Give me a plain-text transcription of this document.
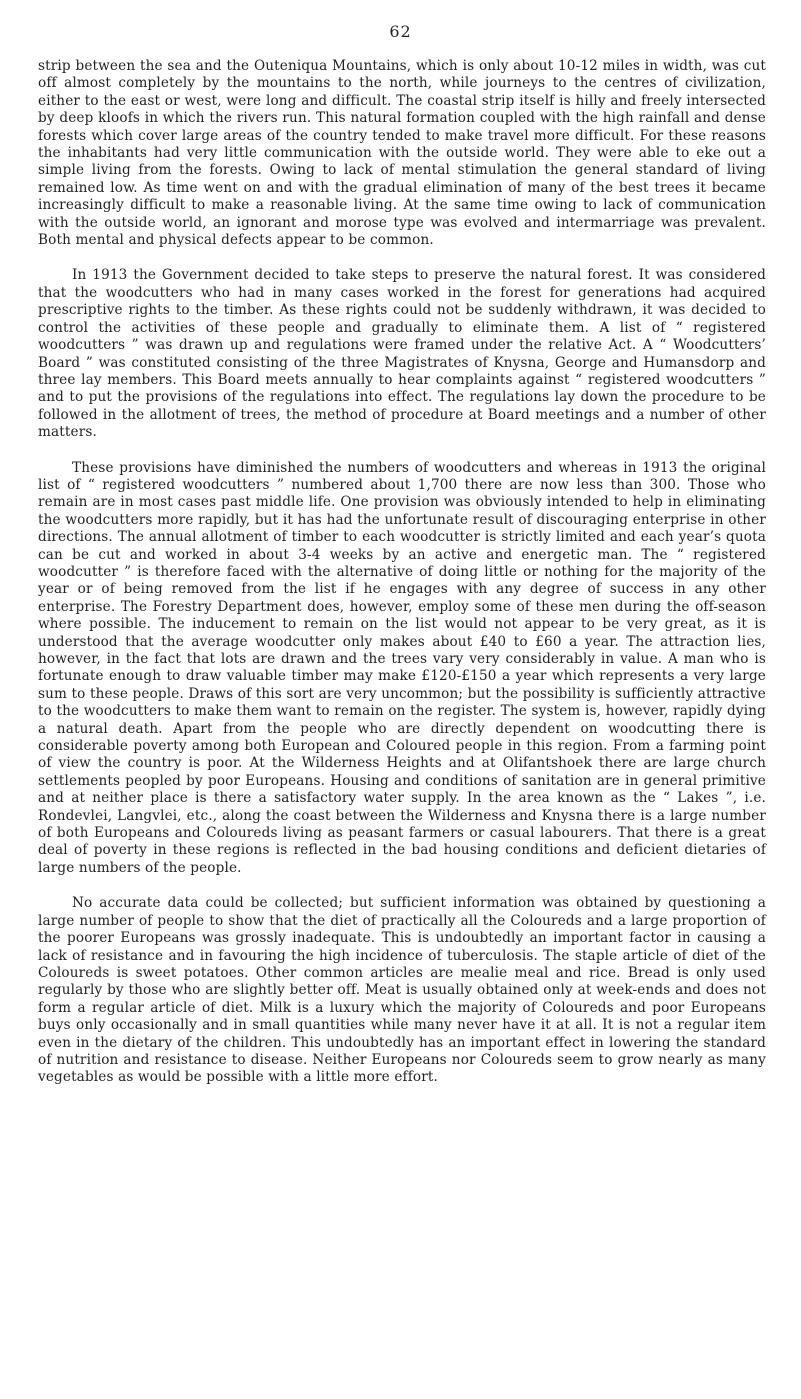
62

strip between the sea and the Outeniqua Mountains, which is only about 10-12 miles in width, was cut off almost completely by the mountains to the north, while journeys to the centres of civilization, either to the east or west, were long and difficult. The coastal strip itself is hilly and freely intersected by deep kloofs in which the rivers run. This natural formation coupled with the high rainfall and dense forests which cover large areas of the country tended to make travel more difficult. For these reasons the inhabitants had very little communication with the outside world. They were able to eke out a simple living from the forests. Owing to lack of mental stimulation the general standard of living remained low. As time went on and with the gradual elimination of many of the best trees it became increasingly difficult to make a reasonable living. At the same time owing to lack of communication with the outside world, an ignorant and morose type was evolved and intermarriage was prevalent. Both mental and physical defects appear to be common.

In 1913 the Government decided to take steps to preserve the natural forest. It was considered that the woodcutters who had in many cases worked in the forest for generations had acquired prescriptive rights to the timber. As these rights could not be suddenly withdrawn, it was decided to control the activities of these people and gradually to eliminate them. A list of “ registered woodcutters ” was drawn up and regulations were framed under the relative Act. A “ Woodcutters’ Board ” was constituted consisting of the three Magistrates of Knysna, George and Humansdorp and three lay members. This Board meets annually to hear complaints against “ registered woodcutters ” and to put the provisions of the regulations into effect. The regulations lay down the procedure to be followed in the allotment of trees, the method of procedure at Board meetings and a number of other matters.

These provisions have diminished the numbers of woodcutters and whereas in 1913 the original list of “ registered woodcutters ” numbered about 1,700 there are now less than 300. Those who remain are in most cases past middle life. One provision was obviously intended to help in eliminating the woodcutters more rapidly, but it has had the unfortunate result of discouraging enterprise in other directions. The annual allotment of timber to each woodcutter is strictly limited and each year’s quota can be cut and worked in about 3-4 weeks by an active and energetic man. The “ registered woodcutter ” is therefore faced with the alternative of doing little or nothing for the majority of the year or of being removed from the list if he engages with any degree of success in any other enterprise. The Forestry Department does, however, employ some of these men during the off-season where possible. The inducement to remain on the list would not appear to be very great, as it is understood that the average woodcutter only makes about £40 to £60 a year. The attraction lies, however, in the fact that lots are drawn and the trees vary very considerably in value. A man who is fortunate enough to draw valuable timber may make £120-£150 a year which represents a very large sum to these people. Draws of this sort are very uncommon; but the possibility is sufficiently attractive to the woodcutters to make them want to remain on the register. The system is, however, rapidly dying a natural death. Apart from the people who are directly dependent on woodcutting there is considerable poverty among both European and Coloured people in this region. From a farming point of view the country is poor. At the Wilderness Heights and at Olifantshoek there are large church settlements peopled by poor Europeans. Housing and conditions of sanitation are in general primitive and at neither place is there a satisfactory water supply. In the area known as the “ Lakes ”, i.e. Rondevlei, Langvlei, etc., along the coast between the Wilderness and Knysna there is a large number of both Europeans and Coloureds living as peasant farmers or casual labourers. That there is a great deal of poverty in these regions is reflected in the bad housing conditions and deficient dietaries of large numbers of the people.

No accurate data could be collected; but sufficient information was obtained by questioning a large number of people to show that the diet of practically all the Coloureds and a large proportion of the poorer Europeans was grossly inadequate. This is undoubtedly an important factor in causing a lack of resistance and in favouring the high incidence of tuberculosis. The staple article of diet of the Coloureds is sweet potatoes. Other common articles are mealie meal and rice. Bread is only used regularly by those who are slightly better off. Meat is usually obtained only at week-ends and does not form a regular article of diet. Milk is a luxury which the majority of Coloureds and poor Europeans buys only occasionally and in small quantities while many never have it at all. It is not a regular item even in the dietary of the children. This undoubtedly has an important effect in lowering the standard of nutrition and resistance to disease. Neither Europeans nor Coloureds seem to grow nearly as many vegetables as would be possible with a little more effort.
